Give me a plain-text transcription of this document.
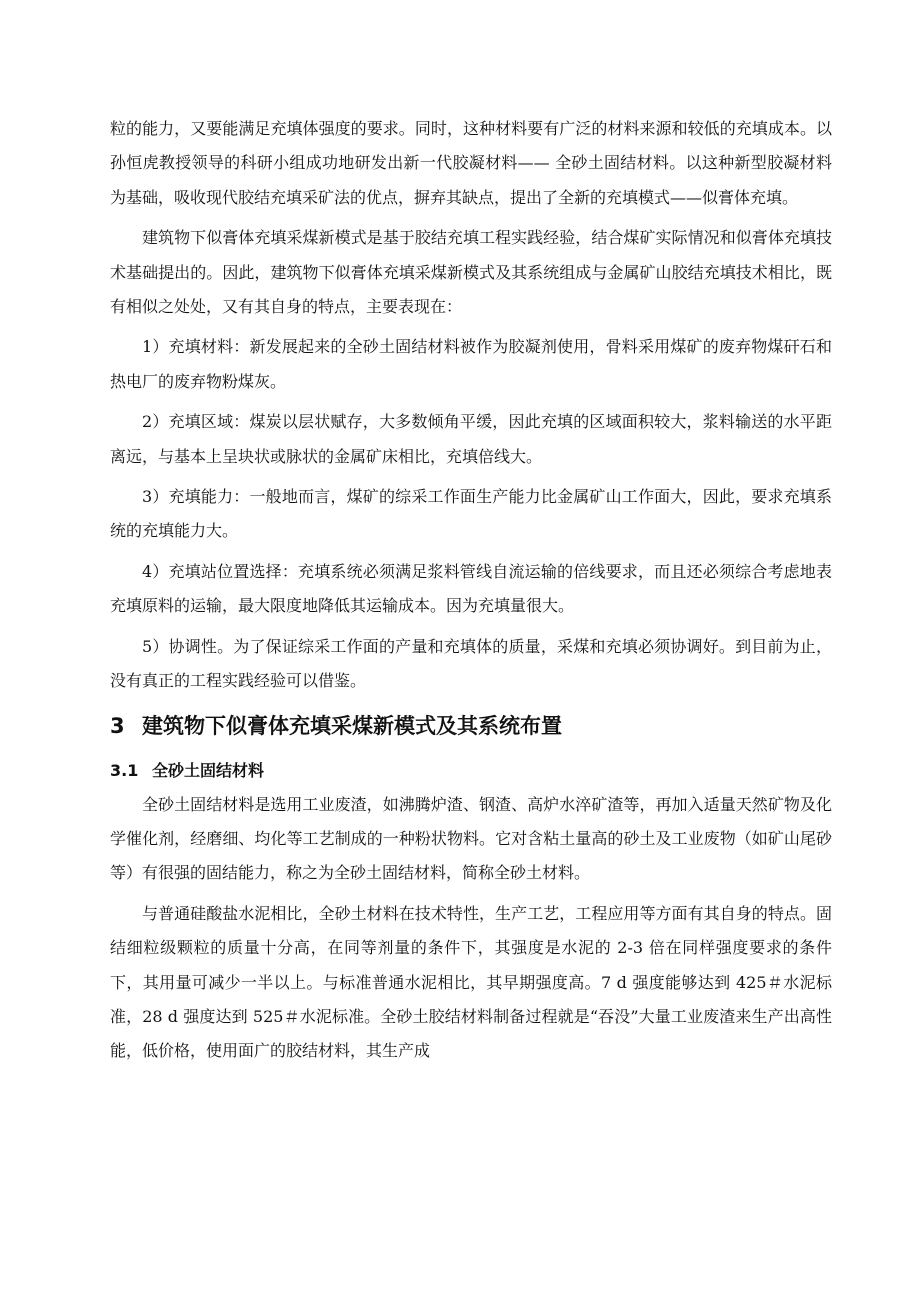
粒的能力，又要能满足充填体强度的要求。同时，这种材料要有广泛的材料来源和较低的充填成本。以孙恒虎教授领导的科研小组成功地研发出新一代胶凝材料—— 全砂土固结材料。以这种新型胶凝材料为基础，吸收现代胶结充填采矿法的优点，摒弃其缺点，提出了全新的充填模式——似膏体充填。

建筑物下似膏体充填采煤新模式是基于胶结充填工程实践经验，结合煤矿实际情况和似膏体充填技术基础提出的。因此，建筑物下似膏体充填采煤新模式及其系统组成与金属矿山胶结充填技术相比，既有相似之处处，又有其自身的特点，主要表现在：

1）充填材料：新发展起来的全砂土固结材料被作为胶凝剂使用，骨料采用煤矿的废弃物煤矸石和热电厂的废弃物粉煤灰。

2）充填区域：煤炭以层状赋存，大多数倾角平缓，因此充填的区域面积较大，浆料输送的水平距离远，与基本上呈块状或脉状的金属矿床相比，充填倍线大。

3）充填能力：一般地而言，煤矿的综采工作面生产能力比金属矿山工作面大，因此，要求充填系统的充填能力大。

4）充填站位置选择：充填系统必须满足浆料管线自流运输的倍线要求，而且还必须综合考虑地表充填原料的运输，最大限度地降低其运输成本。因为充填量很大。

5）协调性。为了保证综采工作面的产量和充填体的质量，采煤和充填必须协调好。到目前为止，没有真正的工程实践经验可以借鉴。

3 建筑物下似膏体充填采煤新模式及其系统布置
3.1 全砂土固结材料

全砂土固结材料是选用工业废渣，如沸腾炉渣、钢渣、高炉水淬矿渣等，再加入适量天然矿物及化学催化剂，经磨细、均化等工艺制成的一种粉状物料。它对含粘土量高的砂土及工业废物（如矿山尾砂等）有很强的固结能力，称之为全砂土固结材料，简称全砂土材料。

与普通硅酸盐水泥相比，全砂土材料在技术特性，生产工艺，工程应用等方面有其自身的特点。固结细粒级颗粒的质量十分高，在同等剂量的条件下，其强度是水泥的 2-3 倍在同样强度要求的条件下，其用量可减少一半以上。与标准普通水泥相比，其早期强度高。7 d 强度能够达到 425＃水泥标准，28 d 强度达到 525＃水泥标准。全砂土胶结材料制备过程就是“吞没”大量工业废渣来生产出高性能，低价格，使用面广的胶结材料，其生产成
